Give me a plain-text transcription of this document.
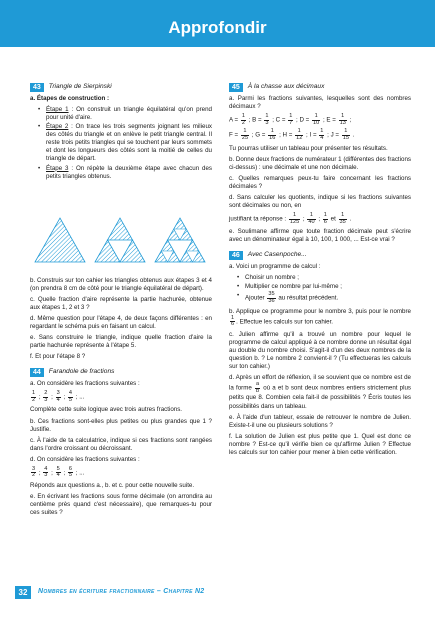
Approfondir
43	Triangle de Sierpinski

a. Étapes de construction :

• Étape 1 : On construit un triangle équilatéral qu'on prend pour unité d'aire.
• Étape 2 : On trace les trois segments joignant les milieux des côtés du triangle et on enlève le petit triangle central. Il reste trois petits triangles qui se touchent par leurs sommets et dont les longueurs des côtés sont la moitié de celles du triangle de départ.
• Étape 3 : On répète la deuxième étape avec chacun des petits triangles obtenus.

b. Construis sur ton cahier les triangles obtenus aux étapes 3 et 4 (on prendra 8 cm de côté pour le triangle équilatéral de départ).

c. Quelle fraction d'aire représente la partie hachurée, obtenue aux étapes 1, 2 et 3 ?

d. Même question pour l'étape 4, de deux façons différentes : en regardant le schéma puis en faisant un calcul.

e. Sans construire le triangle, indique quelle fraction d'aire la partie hachurée représente à l'étape 5.

f. Et pour l'étape 8 ?

44	Farandole de fractions

a. On considère les fractions suivantes :

$\frac{1}{2}$ ; $\frac{2}{3}$ ; $\frac{3}{4}$ ; $\frac{4}{5}$ ; ...

Complète cette suite logique avec trois autres fractions.

b. Ces fractions sont-elles plus petites ou plus grandes que 1 ? Justifie.

c. À l'aide de ta calculatrice, indique si ces fractions sont rangées dans l'ordre croissant ou décroissant.

d. On considère les fractions suivantes :

$\frac{3}{2}$ ; $\frac{4}{3}$ ; $\frac{5}{4}$ ; $\frac{6}{5}$ ; ...

Réponds aux questions a., b. et c. pour cette nouvelle suite.

e. En écrivant les fractions sous forme décimale (on arrondira au centième près quand c'est nécessaire), que remarques-tu pour ces suites ?

45	À la chasse aux décimaux

a. Parmi les fractions suivantes, lesquelles sont des nombres décimaux ?

$A = \frac{1}{2}$ ; $B = \frac{1}{3}$ ; $C = \frac{1}{7}$ ; $D = \frac{1}{10}$ ; $E = \frac{1}{13}$ ;
$F = \frac{1}{25}$ ; $G = \frac{1}{16}$ ; $H = \frac{1}{12}$ ; $I = \frac{1}{4}$ ; $J = \frac{1}{15}$ .

Tu pourras utiliser un tableau pour présenter tes résultats.

b. Donne deux fractions de numérateur 1 (différentes des fractions ci-dessus) : une décimale et une non décimale.

c. Quelles remarques peux-tu faire concernant les fractions décimales ?

d. Sans calculer les quotients, indique si les fractions suivantes sont décimales ou non, en

justifiant ta réponse : $\frac{1}{125}$ ; $\frac{1}{40}$ ; $\frac{1}{6}$ et $\frac{1}{35}$ .

e. Soulimane affirme que toute fraction décimale peut s'écrire avec un dénominateur égal à 10, 100, 1 000, ... Est-ce vrai ?

46	Avec Casenpoche...

a. Voici un programme de calcul :

• Choisir un nombre ;
• Multiplier ce nombre par lui-même ;
• Ajouter $\frac{35}{36}$ au résultat précédent.

b. Applique ce programme pour le nombre 3, puis pour le nombre
$\frac{1}{6}$ . Effectue les calculs sur ton cahier.

c. Julien affirme qu'il a trouvé un nombre pour lequel le programme de calcul appliqué à ce nombre donne un résultat égal au double du nombre choisi. S'agit-il d'un des deux nombres de la question b. ? Le nombre 2 convient-il ? (Tu effectueras les calculs sur ton cahier.)

d. Après un effort de réflexion, il se souvient que ce nombre est de la forme $\frac{a}{b}$ où a et b sont deux nombres entiers strictement plus petits que 8. Combien cela fait-il de possibilités ? Écris toutes les possibilités dans un tableau.

e. À l'aide d'un tableur, essaie de retrouver le nombre de Julien. Existe-t-il une ou plusieurs solutions ?

f. La solution de Julien est plus petite que 1. Quel est donc ce nombre ? Est-ce qu'il vérifie bien ce qu'affirme Julien ? Effectue les calculs sur ton cahier pour mener à bien cette vérification.

32	Nombres en écriture fractionnaire – Chapitre N2
